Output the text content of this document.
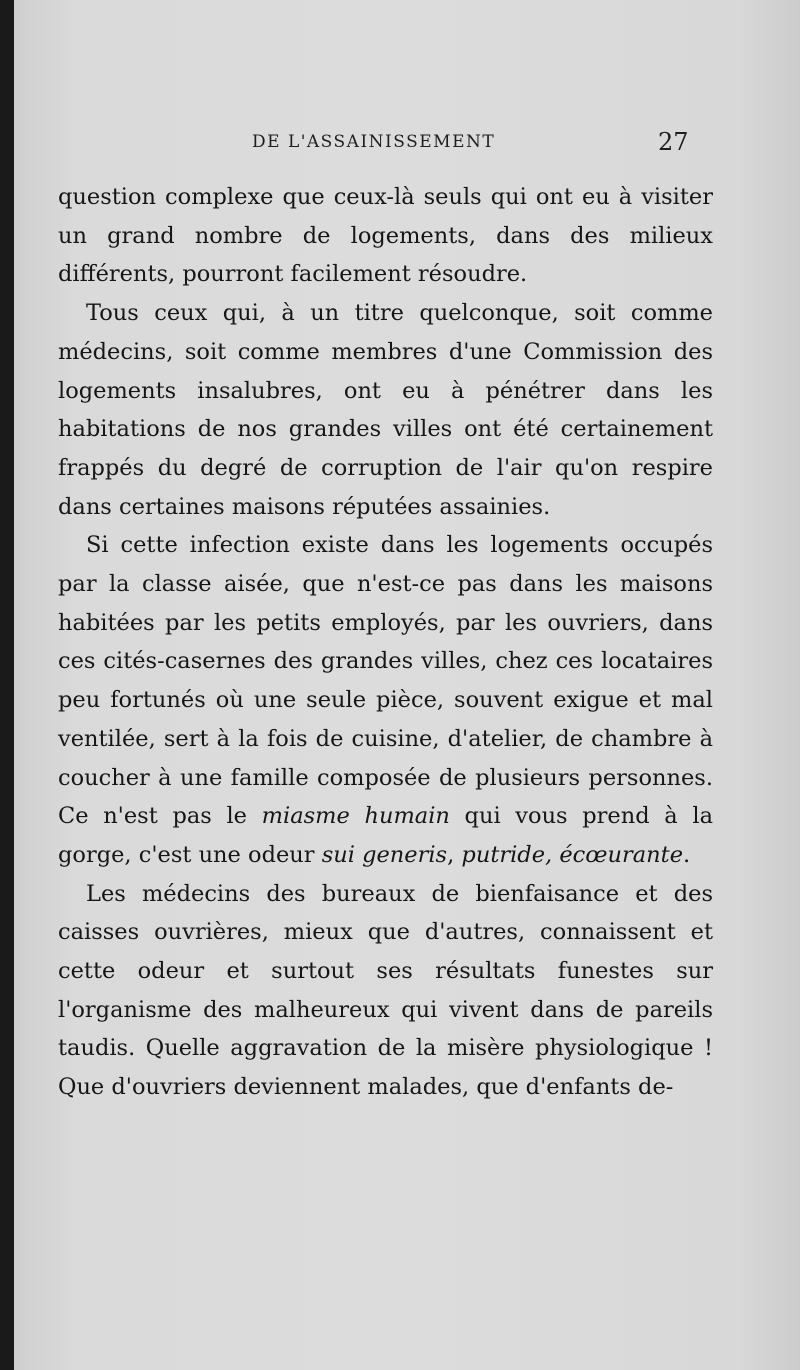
DE L'ASSAINISSEMENT	27

question complexe que ceux-là seuls qui ont eu à visiter un grand nombre de logements, dans des milieux différents, pourront facilement résoudre.

Tous ceux qui, à un titre quelconque, soit comme médecins, soit comme membres d'une Commission des logements insalubres, ont eu à pénétrer dans les habitations de nos grandes villes ont été certainement frappés du degré de corruption de l'air qu'on respire dans certaines maisons réputées assainies.

Si cette infection existe dans les logements occupés par la classe aisée, que n'est-ce pas dans les maisons habitées par les petits employés, par les ouvriers, dans ces cités-casernes des grandes villes, chez ces locataires peu fortunés où une seule pièce, souvent exigue et mal ventilée, sert à la fois de cuisine, d'atelier, de chambre à coucher à une famille composée de plusieurs personnes. Ce n'est pas le miasme humain qui vous prend à la gorge, c'est une odeur sui generis, putride, écœurante.

Les médecins des bureaux de bienfaisance et des caisses ouvrières, mieux que d'autres, connaissent et cette odeur et surtout ses résultats funestes sur l'organisme des malheureux qui vivent dans de pareils taudis. Quelle aggravation de la misère physiologique ! Que d'ouvriers deviennent malades, que d'enfants de-
